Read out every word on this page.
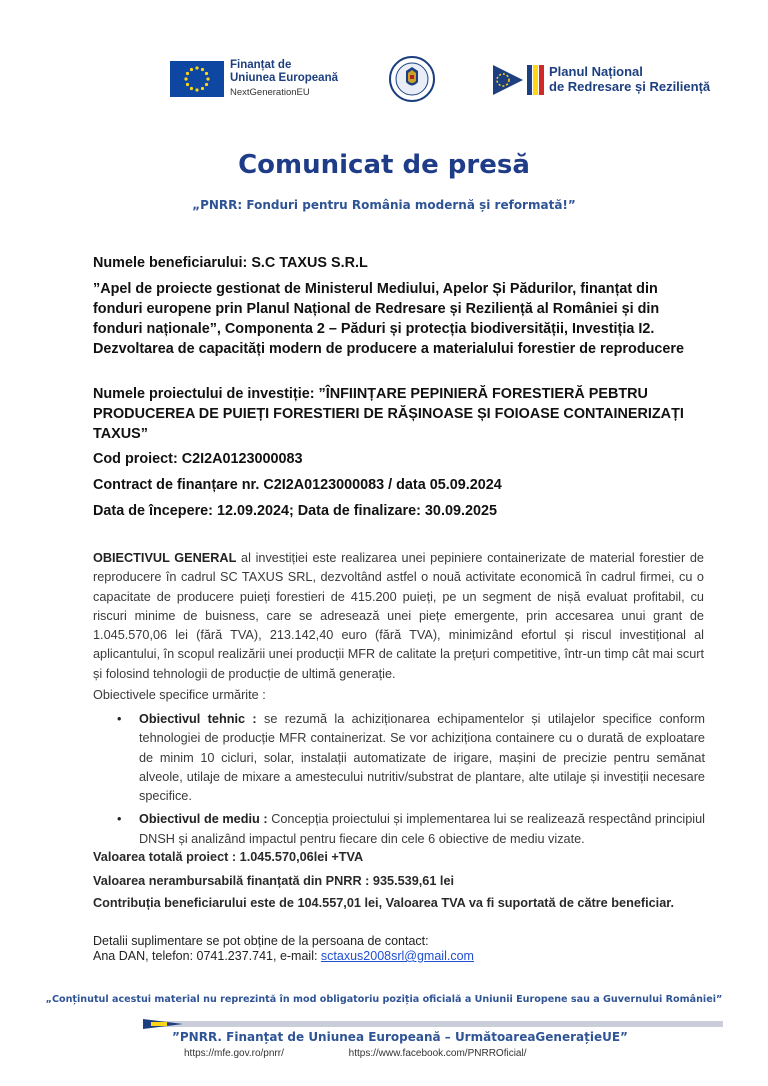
Finanțat de
Uniunea Europeană
NextGenerationEU
Planul Național
de Redresare și Reziliență
Comunicat de presă
„PNRR: Fonduri pentru România modernă și reformată!”
Numele beneficiarului: S.C TAXUS S.R.L
”Apel de proiecte gestionat de Ministerul Mediului, Apelor Și Pădurilor, finanțat din fonduri europene prin Planul Național de Redresare și Reziliență al României și din fonduri naționale”, Componenta 2 – Păduri și protecția biodiversității, Investiția I2. Dezvoltarea de capacități modern de producere a materialului forestier de reproducere
Numele proiectului de investiție: ”ÎNFIINȚARE PEPINIERĂ FORESTIERĂ PEBTRU PRODUCEREA DE PUIEȚI FORESTIERI DE RĂȘINOASE ȘI FOIOASE CONTAINERIZAȚI TAXUS”
Cod proiect: C2I2A0123000083
Contract de finanțare nr. C2I2A0123000083 / data 05.09.2024
Data de începere: 12.09.2024; Data de finalizare: 30.09.2025
OBIECTIVUL GENERAL al investiției este realizarea unei pepiniere containerizate de material forestier de reproducere în cadrul SC TAXUS SRL, dezvoltând astfel o nouă activitate economică în cadrul firmei, cu o capacitate de producere puieți forestieri de 415.200 puieți, pe un segment de nișă evaluat profitabil, cu riscuri minime de buisness, care se adresează unei piețe emergente, prin accesarea unui grant de 1.045.570,06 lei (fără TVA), 213.142,40 euro (fără TVA), minimizând efortul și riscul investițional al aplicantului, în scopul realizării unei producții MFR de calitate la prețuri competitive, într-un timp cât mai scurt și folosind tehnologii de producție de ultimă generație.
Obiectivele specifice urmărite :
• Obiectivul tehnic : se rezumă la achiziționarea echipamentelor și utilajelor specifice conform tehnologiei de producție MFR containerizat. Se vor achiziționa containere cu o durată de exploatare de minim 10 cicluri, solar, instalații automatizate de irigare, mașini de precizie pentru semănat alveole, utilaje de mixare a amestecului nutritiv/substrat de plantare, alte utilaje și investiții necesare specifice.
• Obiectivul de mediu : Concepția proiectului și implementarea lui se realizează respectând principiul DNSH și analizând impactul pentru fiecare din cele 6 obiective de mediu vizate.
Valoarea totală proiect : 1.045.570,06lei +TVA
Valoarea nerambursabilă finanțată din PNRR : 935.539,61 lei
Contribuția beneficiarului este de 104.557,01 lei, Valoarea TVA va fi suportată de către beneficiar.
Detalii suplimentare se pot obține de la persoana de contact:
Ana DAN, telefon: 0741.237.741, e-mail: sctaxus2008srl@gmail.com
„Conținutul acestui material nu reprezintă în mod obligatoriu poziția oficială a Uniunii Europene sau a Guvernului României”
”PNRR. Finanțat de Uniunea Europeană – UrmătoareaGenerațieUE”
https://mfe.gov.ro/pnrr/	https://www.facebook.com/PNRROficial/
